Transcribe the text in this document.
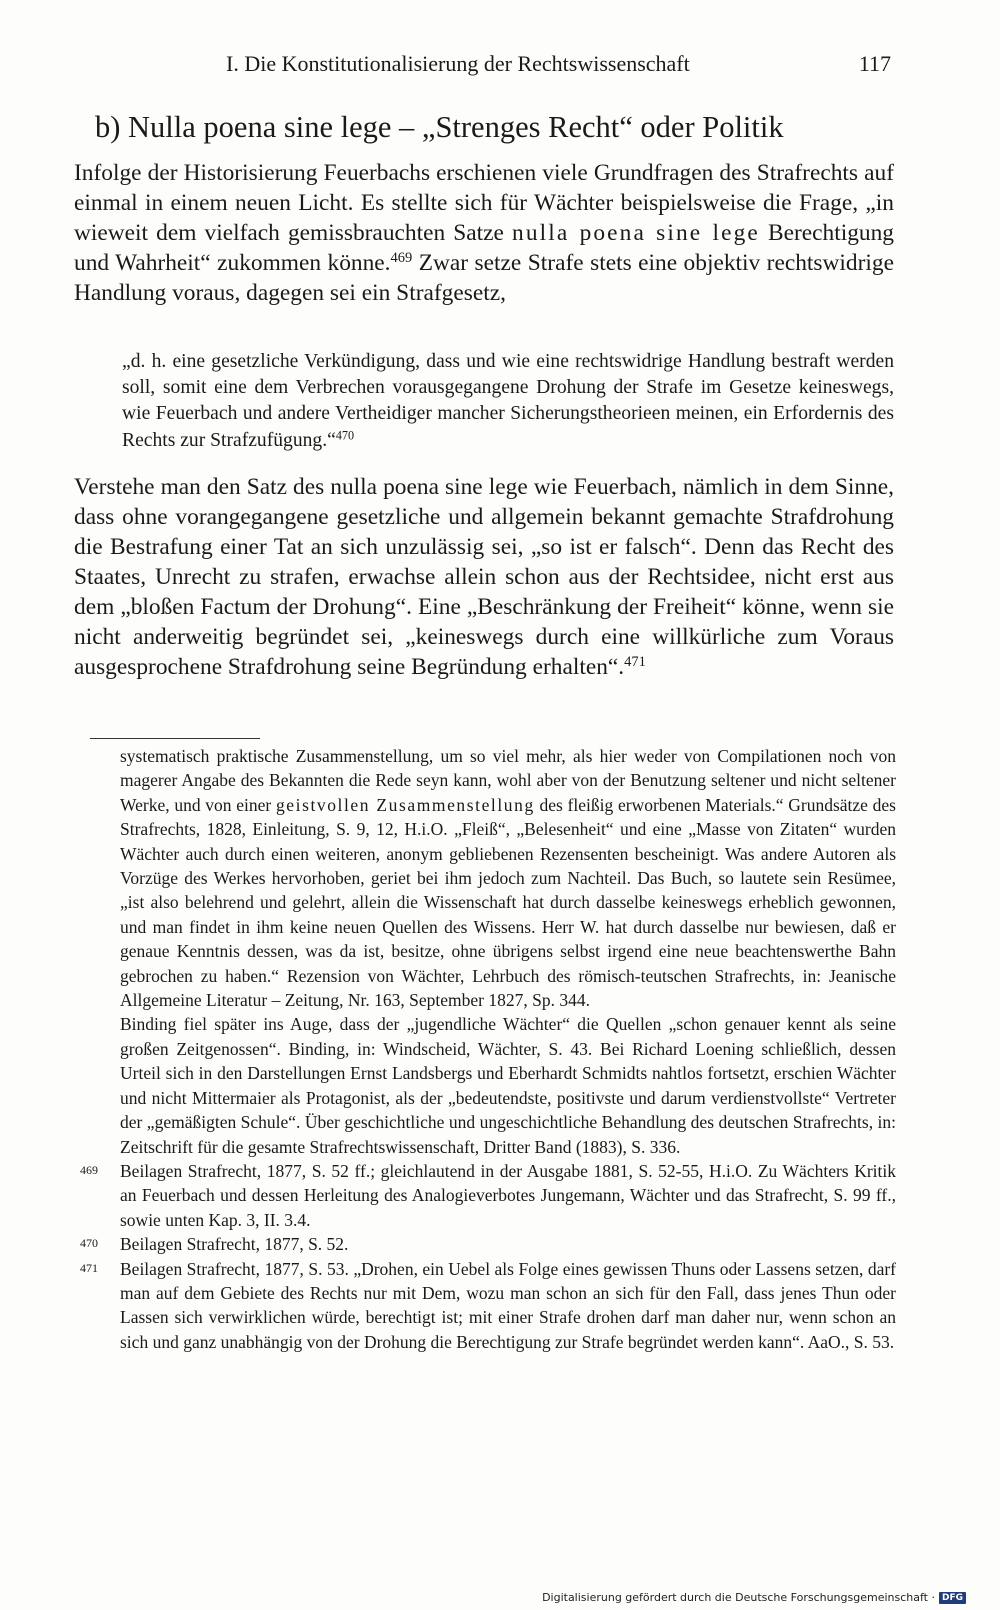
I. Die Konstitutionalisierung der Rechtswissenschaft	117
b) Nulla poena sine lege – „Strenges Recht“ oder Politik

Infolge der Historisierung Feuerbachs erschienen viele Grundfragen des Strafrechts auf einmal in einem neuen Licht. Es stellte sich für Wächter beispielsweise die Frage, „in wieweit dem vielfach gemissbrauchten Satze nulla poena sine lege Berechtigung und Wahrheit“ zukommen könne.$^{469}$ Zwar setze Strafe stets eine objektiv rechtswidrige Handlung voraus, dagegen sei ein Strafgesetz,

„d. h. eine gesetzliche Verkündigung, dass und wie eine rechtswidrige Handlung bestraft werden soll, somit eine dem Verbrechen vorausgegangene Drohung der Strafe im Gesetze keineswegs, wie Feuerbach und andere Vertheidiger mancher Sicherungstheorieen meinen, ein Erfordernis des Rechts zur Strafzufügung.“$^{470}$

Verstehe man den Satz des nulla poena sine lege wie Feuerbach, nämlich in dem Sinne, dass ohne vorangegangene gesetzliche und allgemein bekannt gemachte Strafdrohung die Bestrafung einer Tat an sich unzulässig sei, „so ist er falsch“. Denn das Recht des Staates, Unrecht zu strafen, erwachse allein schon aus der Rechtsidee, nicht erst aus dem „bloßen Factum der Drohung“. Eine „Beschränkung der Freiheit“ könne, wenn sie nicht anderweitig begründet sei, „keineswegs durch eine willkürliche zum Voraus ausgesprochene Strafdrohung seine Begründung erhalten“.$^{471}$

systematisch praktische Zusammenstellung, um so viel mehr, als hier weder von Compilationen noch von magerer Angabe des Bekannten die Rede seyn kann, wohl aber von der Benutzung seltener und nicht seltener Werke, und von einer geistvollen Zusammenstellung des fleißig erworbenen Materials.“ Grundsätze des Strafrechts, 1828, Einleitung, S. 9, 12, H.i.O. „Fleiß“, „Belesenheit“ und eine „Masse von Zitaten“ wurden Wächter auch durch einen weiteren, anonym gebliebenen Rezensenten bescheinigt. Was andere Autoren als Vorzüge des Werkes hervorhoben, geriet bei ihm jedoch zum Nachteil. Das Buch, so lautete sein Resümee, „ist also belehrend und gelehrt, allein die Wissenschaft hat durch dasselbe keineswegs erheblich gewonnen, und man findet in ihm keine neuen Quellen des Wissens. Herr W. hat durch dasselbe nur bewiesen, daß er genaue Kenntnis dessen, was da ist, besitze, ohne übrigens selbst irgend eine neue beachtenswerthe Bahn gebrochen zu haben.“ Rezension von Wächter, Lehrbuch des römisch-teutschen Strafrechts, in: Jeanische Allgemeine Literatur – Zeitung, Nr. 163, September 1827, Sp. 344.

Binding fiel später ins Auge, dass der „jugendliche Wächter“ die Quellen „schon genauer kennt als seine großen Zeitgenossen“. Binding, in: Windscheid, Wächter, S. 43. Bei Richard Loening schließlich, dessen Urteil sich in den Darstellungen Ernst Landsbergs und Eberhardt Schmidts nahtlos fortsetzt, erschien Wächter und nicht Mittermaier als Protagonist, als der „bedeutendste, positivste und darum verdienstvollste“ Vertreter der „gemäßigten Schule“. Über geschichtliche und ungeschichtliche Behandlung des deutschen Strafrechts, in: Zeitschrift für die gesamte Strafrechtswissenschaft, Dritter Band (1883), S. 336.

469 Beilagen Strafrecht, 1877, S. 52 ff.; gleichlautend in der Ausgabe 1881, S. 52-55, H.i.O. Zu Wächters Kritik an Feuerbach und dessen Herleitung des Analogieverbotes Jungemann, Wächter und das Strafrecht, S. 99 ff., sowie unten Kap. 3, II. 3.4.

470 Beilagen Strafrecht, 1877, S. 52.

471 Beilagen Strafrecht, 1877, S. 53. „Drohen, ein Uebel als Folge eines gewissen Thuns oder Lassens setzen, darf man auf dem Gebiete des Rechts nur mit Dem, wozu man schon an sich für den Fall, dass jenes Thun oder Lassen sich verwirklichen würde, berechtigt ist; mit einer Strafe drohen darf man daher nur, wenn schon an sich und ganz unabhängig von der Drohung die Berechtigung zur Strafe begründet werden kann“. AaO., S. 53.

Digitalisierung gefördert durch die Deutsche Forschungsgemeinschaft · DFG
